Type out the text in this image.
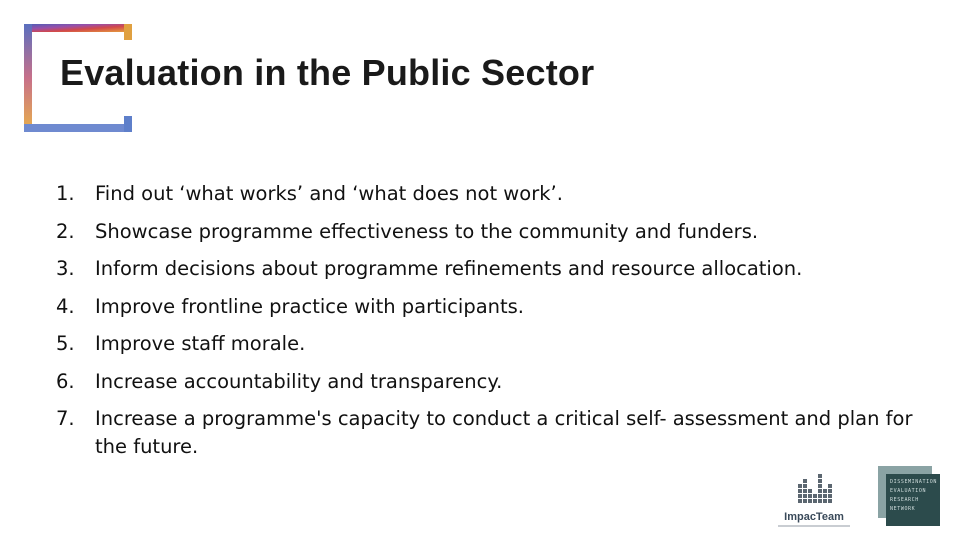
Evaluation in the Public Sector
1.	Find out ‘what works’ and ‘what does not work’.
2.	Showcase programme effectiveness to the community and funders.
3.	Inform decisions about programme refinements and resource allocation.
4.	Improve frontline practice with participants.
5.	Improve staff morale.
6.	Increase accountability and transparency.
7.	Increase a programme's capacity to conduct a critical self- assessment and plan for the future.
ImpacTeam
DISSEMINATION
EVALUATION
RESEARCH
NETWORK
